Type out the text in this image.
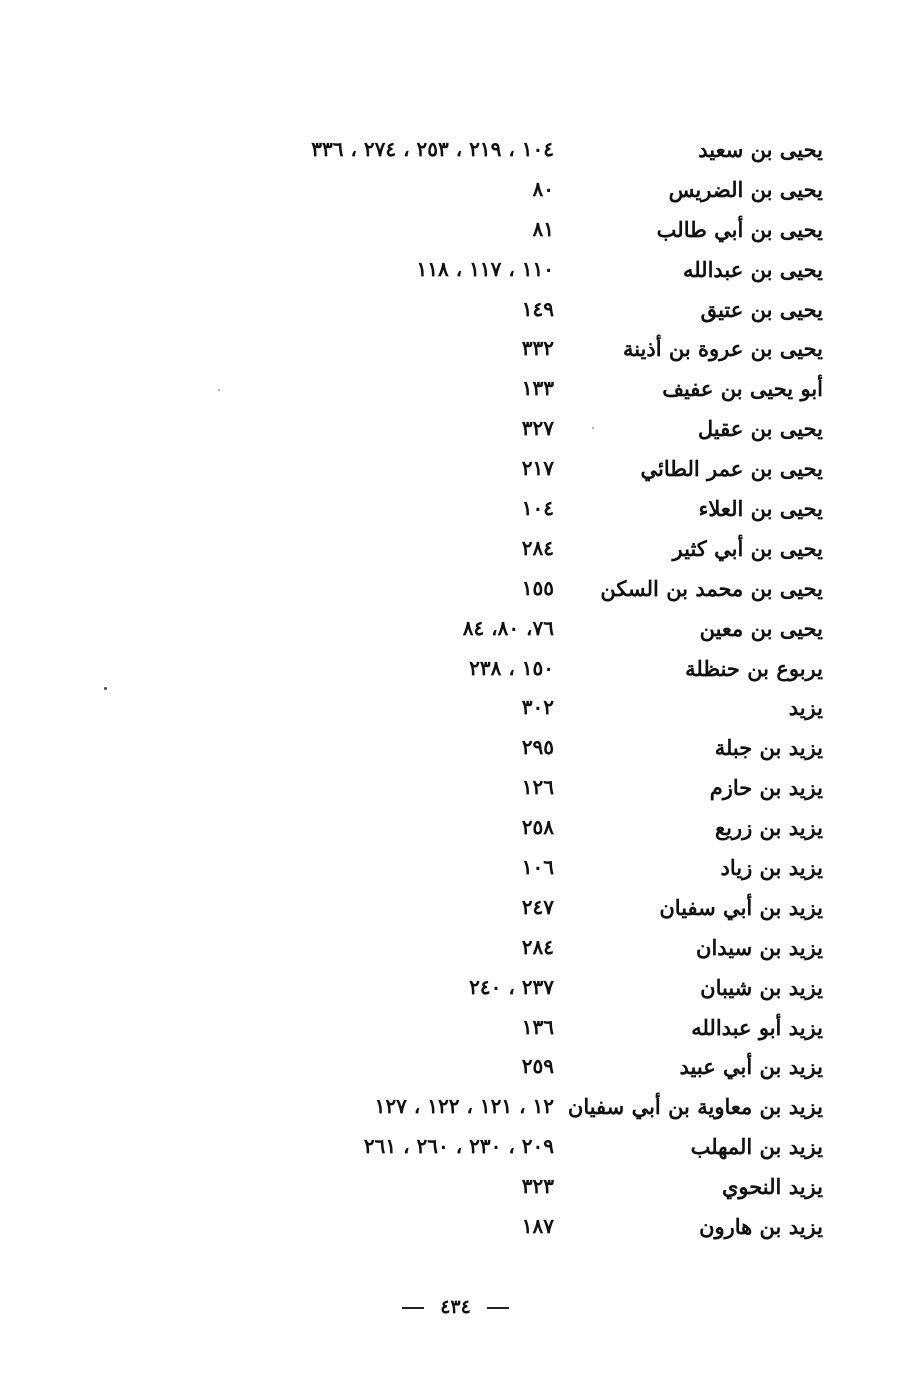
يحيى بن سعيد
١٠٤ ، ٢١٩ ، ٢٥٣ ، ٢٧٤ ، ٣٣٦
يحيى بن الضريس
٨٠
يحيى بن أبي طالب
٨١
يحيى بن عبدالله
١١٠ ، ١١٧ ، ١١٨
يحيى بن عتيق
١٤٩
يحيى بن عروة بن أذينة
٣٣٢
أبو يحيى بن عفيف
١٣٣
يحيى بن عقيل
٣٢٧
يحيى بن عمر الطائي
٢١٧
يحيى بن العلاء
١٠٤
يحيى بن أبي كثير
٢٨٤
يحيى بن محمد بن السكن
١٥٥
يحيى بن معين
٧٦، ٨٠، ٨٤
يربوع بن حنظلة
١٥٠ ، ٢٣٨
يزيد
٣٠٢
يزيد بن جبلة
٢٩٥
يزيد بن حازم
١٢٦
يزيد بن زريع
٢٥٨
يزيد بن زياد
١٠٦
يزيد بن أبي سفيان
٢٤٧
يزيد بن سيدان
٢٨٤
يزيد بن شيبان
٢٣٧ ، ٢٤٠
يزيد أبو عبدالله
١٣٦
يزيد بن أبي عبيد
٢٥٩
يزيد بن معاوية بن أبي سفيان
١٢ ، ١٢١ ، ١٢٢ ، ١٢٧
يزيد بن المهلب
٢٠٩ ، ٢٣٠ ، ٢٦٠ ، ٢٦١
يزيد النحوي
٣٢٣
يزيد بن هارون
١٨٧
٤٣٤
